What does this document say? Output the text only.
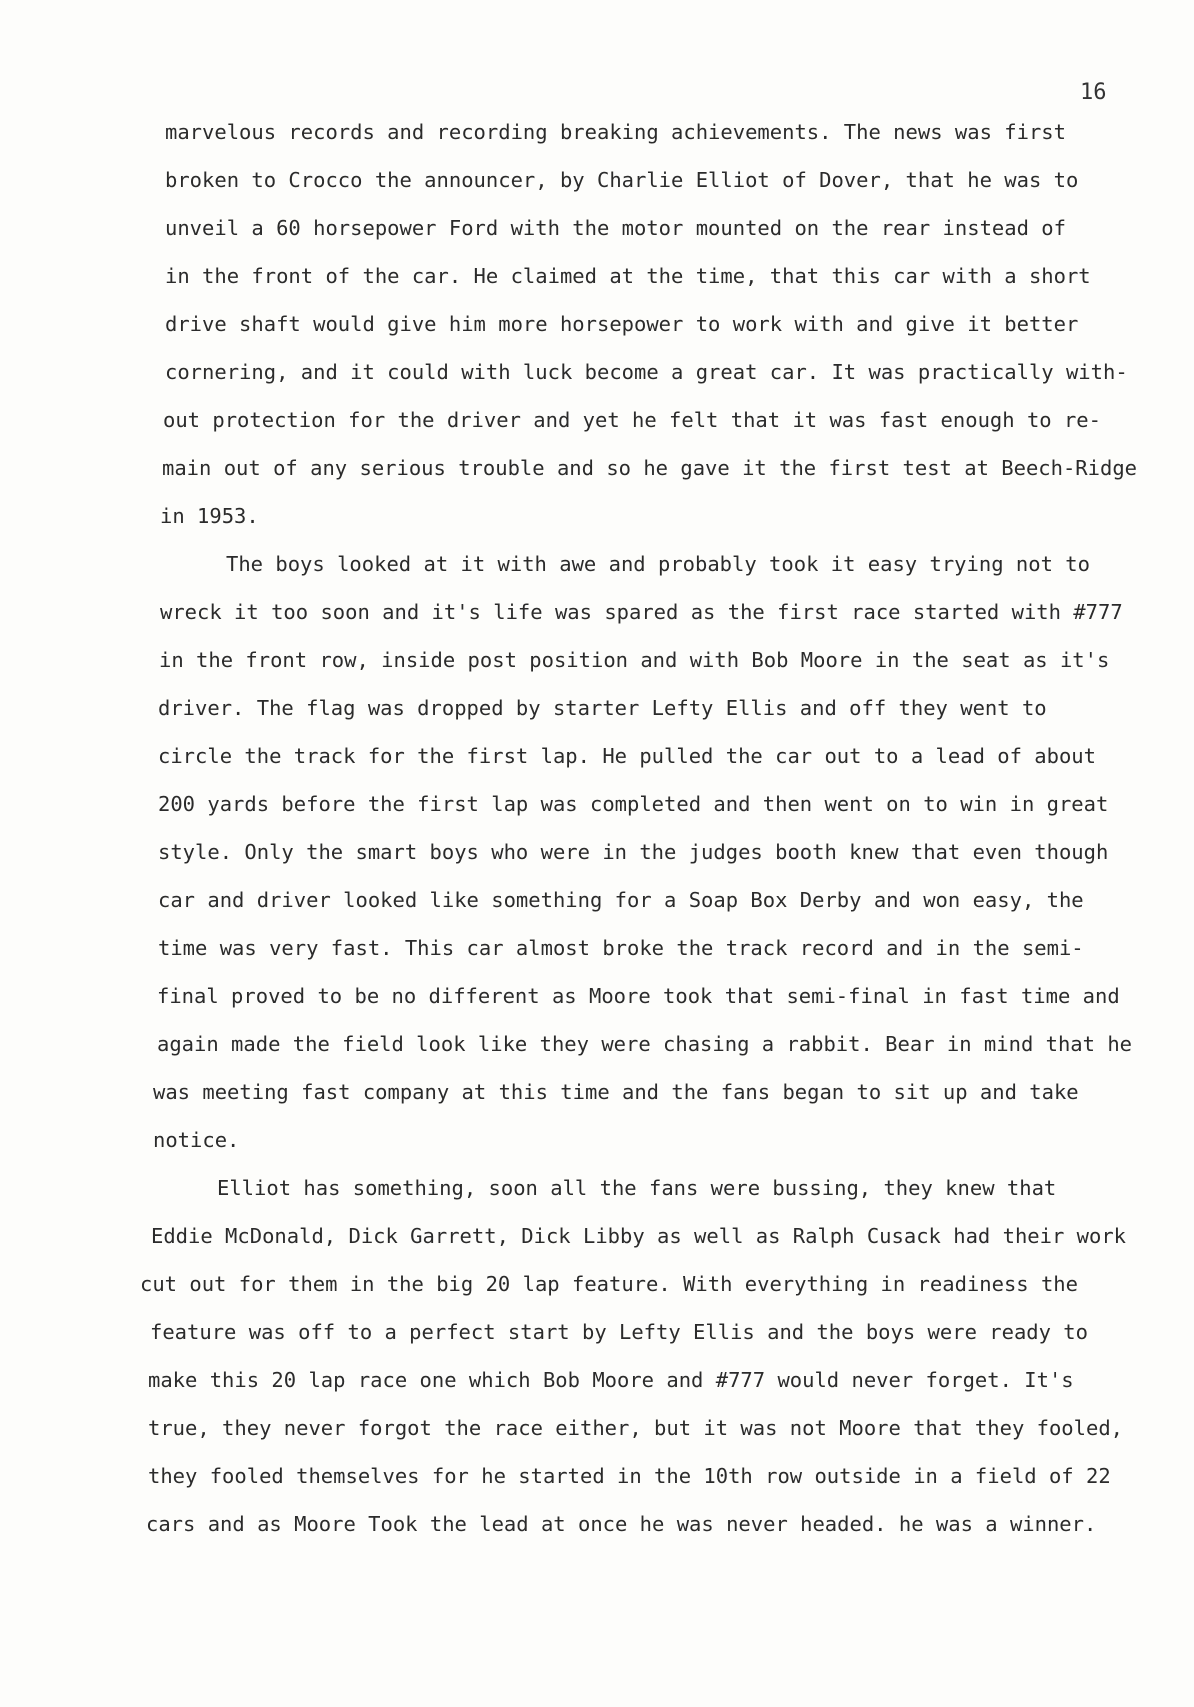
16
marvelous records and recording breaking achievements. The news was first
broken to Crocco the announcer, by Charlie Elliot of Dover, that he was to
unveil a 60 horsepower Ford with the motor mounted on the rear instead of
in the front of the car. He claimed at the time, that this car with a short
drive shaft would give him more horsepower to work with and give it better
cornering, and it could with luck become a great car. It was practically with-
out protection for the driver and yet he felt that it was fast enough to re-
main out of any serious trouble and so he gave it the first test at Beech-Ridge
in 1953.
The boys looked at it with awe and probably took it easy trying not to
wreck it too soon and it's life was spared as the first race started with #777
in the front row, inside post position and with Bob Moore in the seat as it's
driver. The flag was dropped by starter Lefty Ellis and off they went to
circle the track for the first lap. He pulled the car out to a lead of about
200 yards before the first lap was completed and then went on to win in great
style. Only the smart boys who were in the judges booth knew that even though
car and driver looked like something for a Soap Box Derby and won easy, the
time was very fast. This car almost broke the track record and in the semi-
final proved to be no different as Moore took that semi-final in fast time and
again made the field look like they were chasing a rabbit. Bear in mind that he
was meeting fast company at this time and the fans began to sit up and take
notice.
Elliot has something, soon all the fans were bussing, they knew that
Eddie McDonald, Dick Garrett, Dick Libby as well as Ralph Cusack had their work
cut out for them in the big 20 lap feature. With everything in readiness the
feature was off to a perfect start by Lefty Ellis and the boys were ready to
make this 20 lap race one which Bob Moore and #777 would never forget. It's
true, they never forgot the race either, but it was not Moore that they fooled,
they fooled themselves for he started in the 10th row outside in a field of 22
cars and as Moore Took the lead at once he was never headed. he was a winner.
